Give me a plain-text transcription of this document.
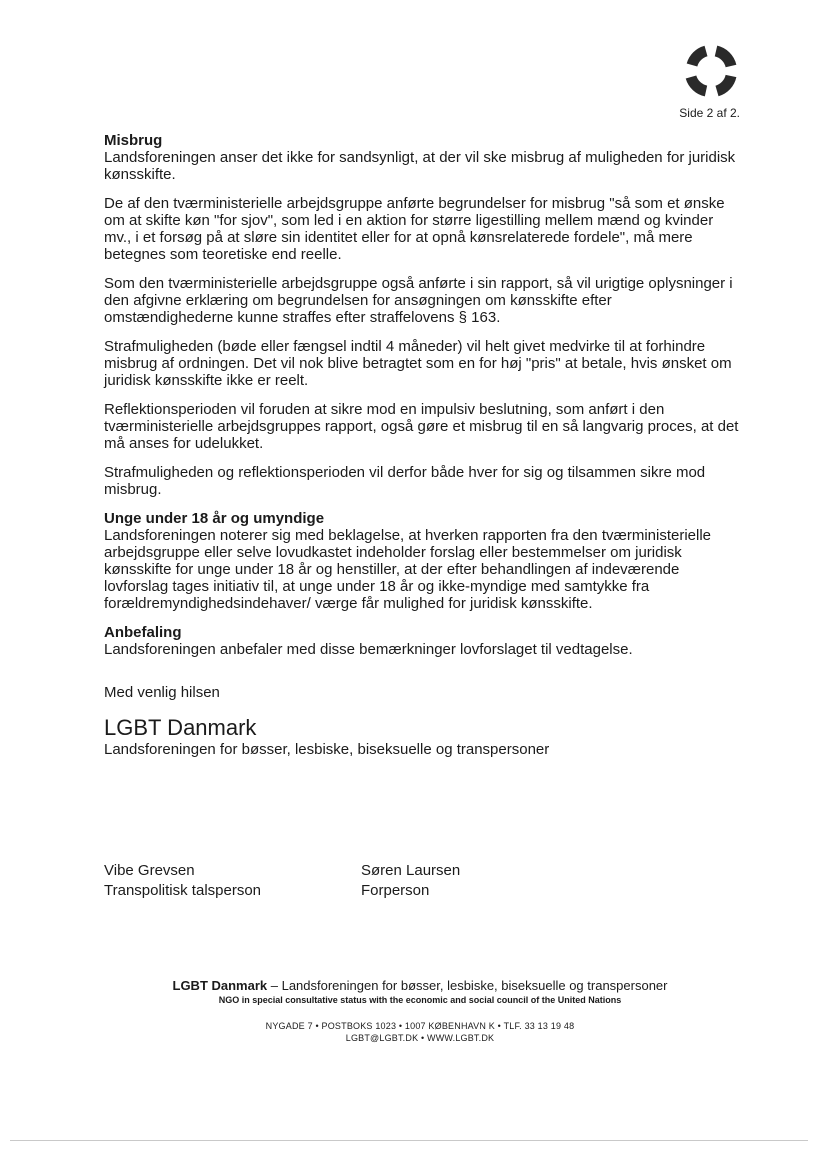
Side 2 af 2.

Misbrug

Landsforeningen anser det ikke for sandsynligt, at der vil ske misbrug af muligheden for juridisk kønsskifte.

De af den tværministerielle arbejdsgruppe anførte begrundelser for misbrug "så som et ønske om at skifte køn "for sjov", som led i en aktion for større ligestilling mellem mænd og kvinder mv., i et forsøg på at sløre sin identitet eller for at opnå kønsrelaterede fordele", må mere betegnes som teoretiske end reelle.

Som den tværministerielle arbejdsgruppe også anførte i sin rapport, så vil urigtige oplysninger i den afgivne erklæring om begrundelsen for ansøgningen om kønsskifte efter omstændighederne kunne straffes efter straffelovens § 163.

Strafmuligheden (bøde eller fængsel indtil 4 måneder) vil helt givet medvirke til at forhindre misbrug af ordningen. Det vil nok blive betragtet som en for høj "pris" at betale, hvis ønsket om juridisk kønsskifte ikke er reelt.

Reflektionsperioden vil foruden at sikre mod en impulsiv beslutning, som anført i den tværministerielle arbejdsgruppes rapport, også gøre et misbrug til en så langvarig proces, at det må anses for udelukket.

Strafmuligheden og reflektionsperioden vil derfor både hver for sig og tilsammen sikre mod misbrug.

Unge under 18 år og umyndige

Landsforeningen noterer sig med beklagelse, at hverken rapporten fra den tværministerielle arbejdsgruppe eller selve lovudkastet indeholder forslag eller bestemmelser om juridisk kønsskifte for unge under 18 år og henstiller, at der efter behandlingen af indeværende lovforslag tages initiativ til, at unge under 18 år og ikke-myndige med samtykke fra forældremyndighedsindehaver/ værge får mulighed for juridisk kønsskifte.

Anbefaling

Landsforeningen anbefaler med disse bemærkninger lovforslaget til vedtagelse.

Med venlig hilsen
LGBT Danmark
Landsforeningen for bøsser, lesbiske, biseksuelle og transpersoner
Vibe Grevsen
Transpolitisk talsperson
Søren Laursen
Forperson
LGBT Danmark – Landsforeningen for bøsser, lesbiske, biseksuelle og transpersoner
NGO in special consultative status with the economic and social council of the United Nations
NYGADE 7 • POSTBOKS 1023 • 1007 KØBENHAVN K • TLF. 33 13 19 48
LGBT@LGBT.DK • WWW.LGBT.DK
